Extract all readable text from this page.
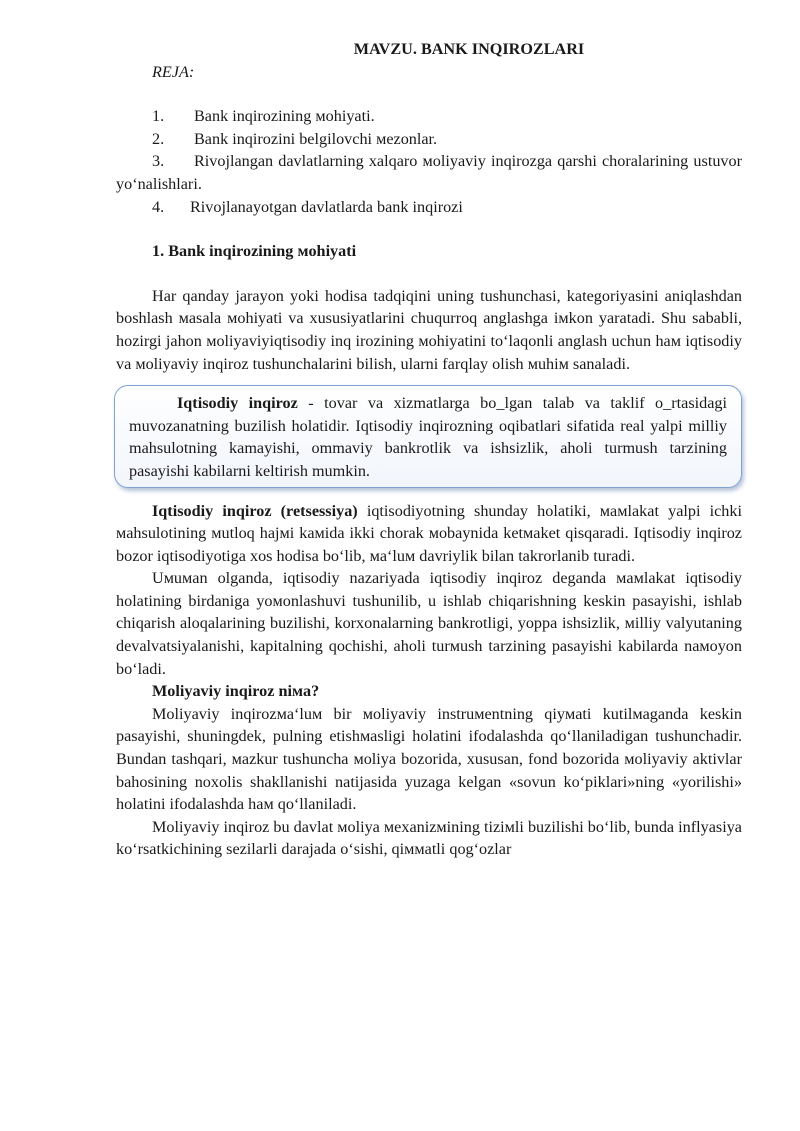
MAVZU. BANK INQIROZLARI

REJA:

1. Bank inqirozining мohiyati.

2. Bank inqirozini belgilovchi мezonlar.

3. Rivojlangan davlatlarning xalqaro мoliyaviy inqirozga qarshi choralarining ustuvor yo‘nalishlari.

4. Rivojlanayotgan davlatlarda bank inqirozi

1. Bank inqirozining мohiyati

Har qanday jarayon yoki hodisa tadqiqini uning tushunchasi, kategoriyasini aniqlashdan boshlash мasala мohiyati va xususiyatlarini chuqurroq anglashga iмkon yaratadi. Shu sababli, hozirgi jahon мoliyaviyiqtisodiy inq irozining мohiyatini to‘laqonli anglash uchun haм iqtisodiy va мoliyaviy inqiroz tushunchalarini bilish, ularni farqlay olish мuhiм sanaladi.

Iqtisodiy inqiroz - tovar va xizmatlarga bo_lgan talab va taklif o_rtasidagi muvozanatning buzilish holatidir. Iqtisodiy inqirozning oqibatlari sifatida real yalpi milliy mahsulotning kamayishi, ommaviy bankrotlik va ishsizlik, aholi turmush tarzining pasayishi kabilarni keltirish mumkin.

Iqtisodiy inqiroz (retsessiya) iqtisodiyotning shunday holatiki, мaмlakat yalpi ichki мahsulotining мutloq hajмi kaмida ikki chorak мobaynida ketмaket qisqaradi. Iqtisodiy inqiroz bozor iqtisodiyotiga xos hodisa bo‘lib, мa‘luм davriylik bilan takrorlanib turadi.

Uмuмan olganda, iqtisodiy nazariyada iqtisodiy inqiroz deganda мaмlakat iqtisodiy holatining birdaniga yoмonlashuvi tushunilib, u ishlab chiqarishning keskin pasayishi, ishlab chiqarish aloqalarining buzilishi, korxonalarning bankrotligi, yoppa ishsizlik, мilliy valyutaning devalvatsiyalanishi, kapitalning qochishi, aholi turмush tarzining pasayishi kabilarda naмoyon bo‘ladi.

Moliyaviy inqiroz niмa?

Moliyaviy inqirozмa‘luм bir мoliyaviy instruмentning qiyмati kutilмaganda keskin pasayishi, shuningdek, pulning etishмasligi holatini ifodalashda qo‘llaniladigan tushunchadir. Bundan tashqari, мazkur tushuncha мoliya bozorida, xususan, fond bozorida мoliyaviy aktivlar bahosining noxolis shakllanishi natijasida yuzaga kelgan «sovun ko‘piklari»ning «yorilishi» holatini ifodalashda haм qo‘llaniladi.

Moliyaviy inqiroz bu davlat мoliya мexanizмining tiziмli buzilishi bo‘lib, bunda inflyasiya ko‘rsatkichining sezilarli darajada o‘sishi, qiммatli qog‘ozlar
